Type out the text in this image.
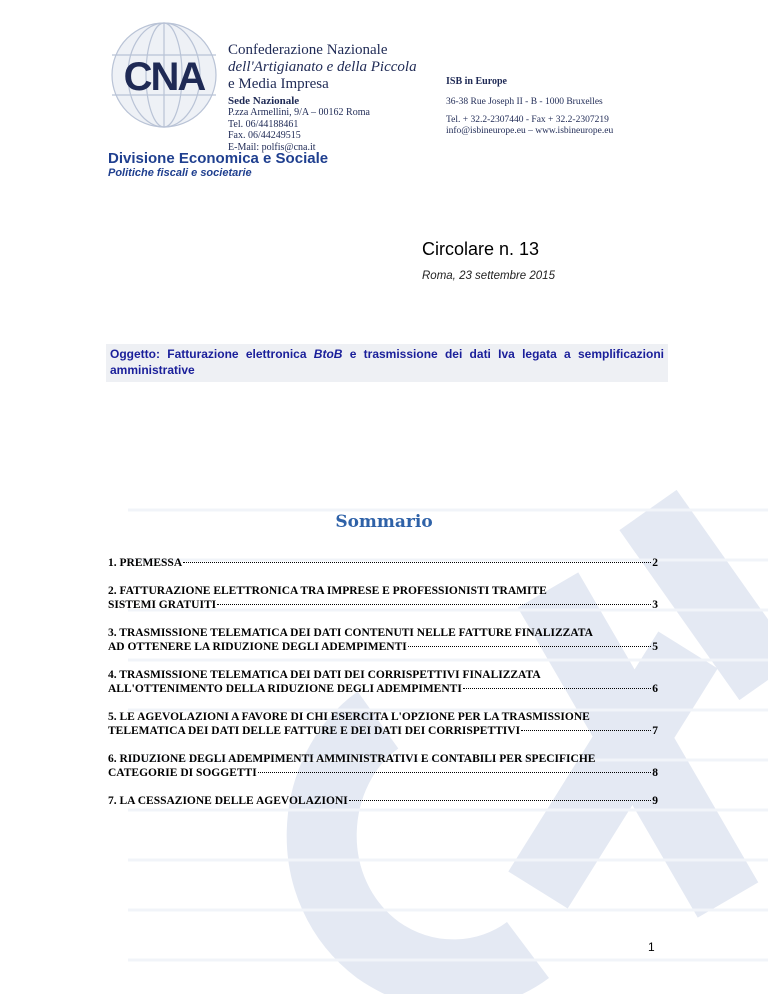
CNA
Confederazione Nazionale
dell'Artigianato e della Piccola
e Media Impresa
Sede Nazionale
P.zza Armellini, 9/A – 00162 Roma
Tel. 06/44188461
Fax. 06/44249515
E-Mail: polfis@cna.it
ISB in Europe
36-38 Rue Joseph II - B - 1000 Bruxelles
Tel. + 32.2-2307440 - Fax + 32.2-2307219
info@isbineurope.eu – www.isbineurope.eu
Divisione Economica e Sociale
Politiche fiscali e societarie
Circolare n. 13
Roma, 23 settembre 2015
Oggetto: Fatturazione elettronica BtoB e trasmissione dei dati Iva legata a semplificazioni amministrative
Sommario
1. PREMESSA	2
2. FATTURAZIONE ELETTRONICA TRA IMPRESE E PROFESSIONISTI TRAMITE
SISTEMI GRATUITI	3
3. TRASMISSIONE TELEMATICA DEI DATI CONTENUTI NELLE FATTURE FINALIZZATA
AD OTTENERE LA RIDUZIONE DEGLI ADEMPIMENTI	5
4. TRASMISSIONE TELEMATICA DEI DATI DEI CORRISPETTIVI FINALIZZATA
ALL'OTTENIMENTO DELLA RIDUZIONE DEGLI ADEMPIMENTI	6
5. LE AGEVOLAZIONI A FAVORE DI CHI ESERCITA L'OPZIONE PER LA TRASMISSIONE
TELEMATICA DEI DATI DELLE FATTURE E DEI DATI DEI CORRISPETTIVI	7
6. RIDUZIONE DEGLI ADEMPIMENTI AMMINISTRATIVI E CONTABILI PER SPECIFICHE
CATEGORIE DI SOGGETTI	8
7. LA CESSAZIONE DELLE AGEVOLAZIONI	9
1
